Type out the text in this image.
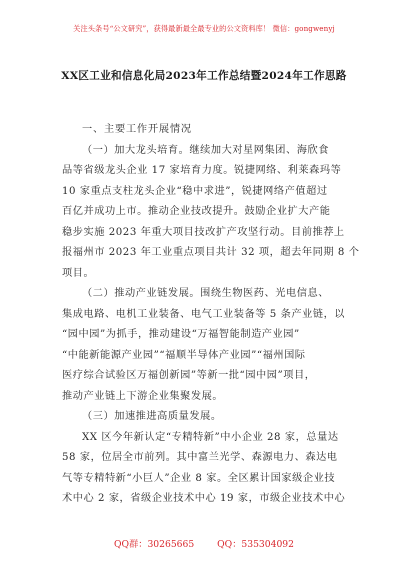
关注头条号“公文研究”，获得最新最全最专业的公文资料库！ 微信：gongwenyj
XX区工业和信息化局2023年工作总结暨2024年工作思路
一、主要工作开展情况
（一）加大龙头培育。继续加大对星网集团、海欣食
品等省级龙头企业 17 家培育力度。锐捷网络、利莱森玛等
10 家重点支柱龙头企业“稳中求进”，锐捷网络产值超过
百亿并成功上市。推动企业技改提升。鼓励企业扩大产能
稳步实施 2023 年重大项目技改扩产攻坚行动。目前推荐上
报福州市 2023 年工业重点项目共计 32 项，超去年同期 8 个
项目。
（二）推动产业链发展。围绕生物医药、光电信息、
集成电路、电机工业装备、电气工业装备等 5 条产业链，以
“园中园”为抓手，推动建设“万福智能制造产业园”
“中能新能源产业园”“福顺半导体产业园”“福州国际
医疗综合试验区万福创新园”等新一批“园中园”项目，
推动产业链上下游企业集聚发展。
（三）加速推进高质量发展。
XX 区今年新认定“专精特新”中小企业 28 家，总量达
58 家，位居全市前列。其中富兰光学、森源电力、森达电
气等专精特新“小巨人”企业 8 家。全区累计国家级企业技
术中心 2 家，省级企业技术中心 19 家，市级企业技术中心
QQ群：30265665 QQ：535304092
